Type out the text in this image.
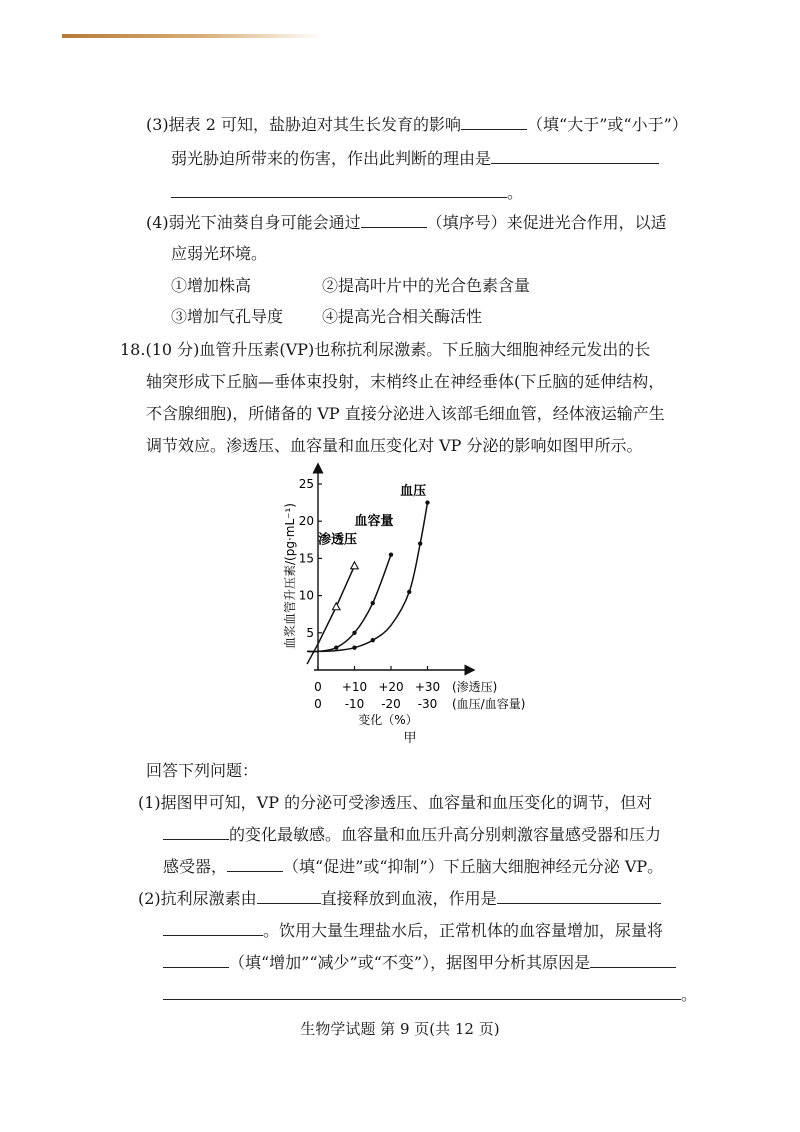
(3)据表 2 可知，盐胁迫对其生长发育的影响	（填“大于”或“小于”）
弱光胁迫所带来的伤害，作出此判断的理由是
。
(4)弱光下油葵自身可能会通过	（填序号）来促进光合作用，以适
应弱光环境。
①增加株高	②提高叶片中的光合色素含量
③增加气孔导度 ④提高光合相关酶活性
18.(10 分)血管升压素(VP)也称抗利尿激素。下丘脑大细胞神经元发出的长
轴突形成下丘脑—垂体束投射，末梢终止在神经垂体(下丘脑的延伸结构，
不含腺细胞)，所储备的 VP 直接分泌进入该部毛细血管，经体液运输产生
调节效应。渗透压、血容量和血压变化对 VP 分泌的影响如图甲所示。
5
10
15
20
25
0 +10 +20 +30
0 -10 -20 -30
渗透压
血容量
血压
血浆血管升压素/(pg·mL⁻¹)
(渗透压)
(血压/血容量)
变化（%）
甲
回答下列问题：
(1)据图甲可知，VP 的分泌可受渗透压、血容量和血压变化的调节，但对
的变化最敏感。血容量和血压升高分别刺激容量感受器和压力
感受器，	（填“促进”或“抑制”）下丘脑大细胞神经元分泌 VP。
(2)抗利尿激素由	直接释放到血液，作用是
。饮用大量生理盐水后，正常机体的血容量增加，尿量将
（填“增加”“减少”或“不变”），据图甲分析其原因是
。
生物学试题 第 9 页(共 12 页)
